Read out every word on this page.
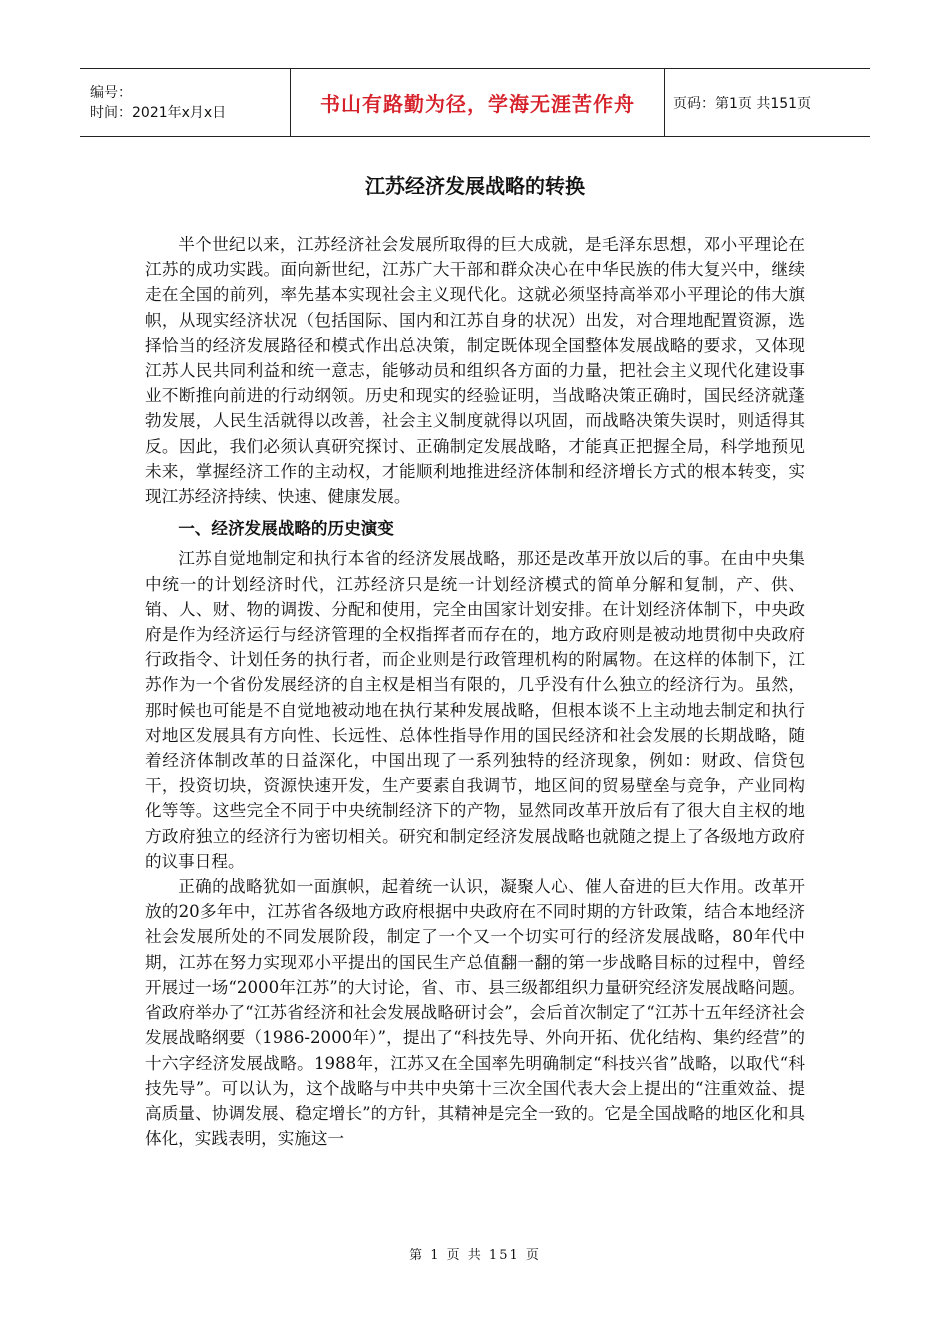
编号：
时间：2021年x月x日	书山有路勤为径，学海无涯苦作舟	页码：第1页 共151页
江苏经济发展战略的转换

半个世纪以来，江苏经济社会发展所取得的巨大成就，是毛泽东思想，邓小平理论在江苏的成功实践。面向新世纪，江苏广大干部和群众决心在中华民族的伟大复兴中，继续走在全国的前列，率先基本实现社会主义现代化。这就必须坚持高举邓小平理论的伟大旗帜，从现实经济状况（包括国际、国内和江苏自身的状况）出发，对合理地配置资源，选择恰当的经济发展路径和模式作出总决策，制定既体现全国整体发展战略的要求，又体现江苏人民共同利益和统一意志，能够动员和组织各方面的力量，把社会主义现代化建设事业不断推向前进的行动纲领。历史和现实的经验证明，当战略决策正确时，国民经济就蓬勃发展，人民生活就得以改善，社会主义制度就得以巩固，而战略决策失误时，则适得其反。因此，我们必须认真研究探讨、正确制定发展战略，才能真正把握全局，科学地预见未来，掌握经济工作的主动权，才能顺利地推进经济体制和经济增长方式的根本转变，实现江苏经济持续、快速、健康发展。

一、经济发展战略的历史演变

江苏自觉地制定和执行本省的经济发展战略，那还是改革开放以后的事。在由中央集中统一的计划经济时代，江苏经济只是统一计划经济模式的简单分解和复制，产、供、销、人、财、物的调拨、分配和使用，完全由国家计划安排。在计划经济体制下，中央政府是作为经济运行与经济管理的全权指挥者而存在的，地方政府则是被动地贯彻中央政府行政指令、计划任务的执行者，而企业则是行政管理机构的附属物。在这样的体制下，江苏作为一个省份发展经济的自主权是相当有限的，几乎没有什么独立的经济行为。虽然，那时候也可能是不自觉地被动地在执行某种发展战略，但根本谈不上主动地去制定和执行对地区发展具有方向性、长远性、总体性指导作用的国民经济和社会发展的长期战略，随着经济体制改革的日益深化，中国出现了一系列独特的经济现象，例如：财政、信贷包干，投资切块，资源快速开发，生产要素自我调节，地区间的贸易壁垒与竞争，产业同构化等等。这些完全不同于中央统制经济下的产物，显然同改革开放后有了很大自主权的地方政府独立的经济行为密切相关。研究和制定经济发展战略也就随之提上了各级地方政府的议事日程。

正确的战略犹如一面旗帜，起着统一认识，凝聚人心、催人奋进的巨大作用。改革开放的20多年中，江苏省各级地方政府根据中央政府在不同时期的方针政策，结合本地经济社会发展所处的不同发展阶段，制定了一个又一个切实可行的经济发展战略，80年代中期，江苏在努力实现邓小平提出的国民生产总值翻一翻的第一步战略目标的过程中，曾经开展过一场“2000年江苏”的大讨论，省、市、县三级都组织力量研究经济发展战略问题。省政府举办了“江苏省经济和社会发展战略研讨会”，会后首次制定了“江苏十五年经济社会发展战略纲要（1986-2000年）”，提出了“科技先导、外向开拓、优化结构、集约经营”的十六字经济发展战略。1988年，江苏又在全国率先明确制定“科技兴省”战略，以取代“科技先导”。可以认为，这个战略与中共中央第十三次全国代表大会上提出的“注重效益、提高质量、协调发展、稳定增长”的方针，其精神是完全一致的。它是全国战略的地区化和具体化，实践表明，实施这一

第 1 页 共 151 页
